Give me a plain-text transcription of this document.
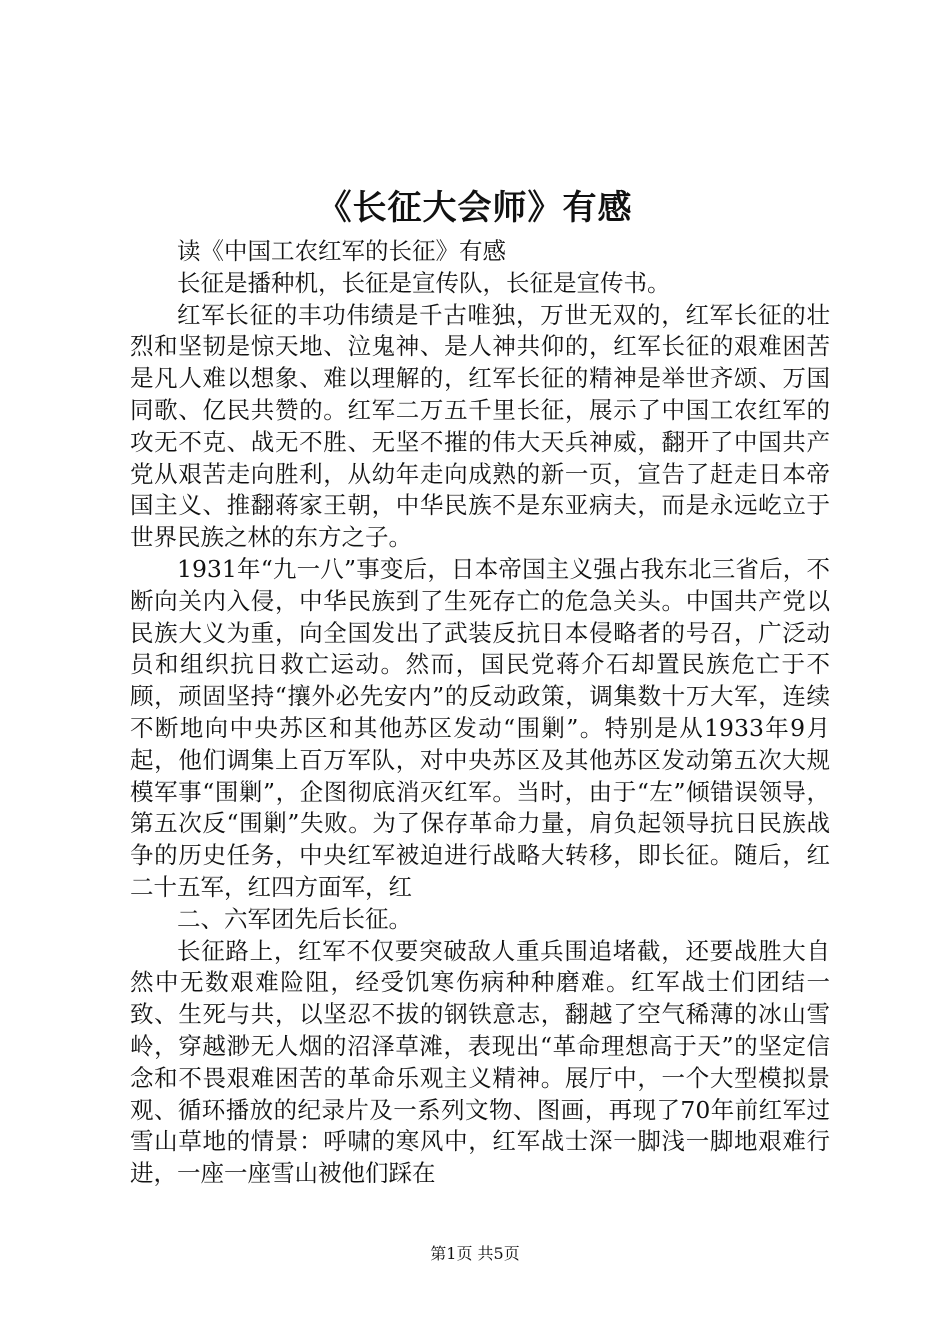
《长征大会师》有感

读《中国工农红军的长征》有感

长征是播种机，长征是宣传队，长征是宣传书。

红军长征的丰功伟绩是千古唯独，万世无双的，红军长征的壮烈和坚韧是惊天地、泣鬼神、是人神共仰的，红军长征的艰难困苦是凡人难以想象、难以理解的，红军长征的精神是举世齐颂、万国同歌、亿民共赞的。红军二万五千里长征，展示了中国工农红军的攻无不克、战无不胜、无坚不摧的伟大天兵神威，翻开了中国共产党从艰苦走向胜利，从幼年走向成熟的新一页，宣告了赶走日本帝国主义、推翻蒋家王朝，中华民族不是东亚病夫，而是永远屹立于世界民族之林的东方之子。

1931年“九一八”事变后，日本帝国主义强占我东北三省后，不断向关内入侵，中华民族到了生死存亡的危急关头。中国共产党以民族大义为重，向全国发出了武装反抗日本侵略者的号召，广泛动员和组织抗日救亡运动。然而，国民党蒋介石却置民族危亡于不顾，顽固坚持“攘外必先安内”的反动政策，调集数十万大军，连续不断地向中央苏区和其他苏区发动“围剿”。特别是从1933年9月起，他们调集上百万军队，对中央苏区及其他苏区发动第五次大规模军事“围剿”，企图彻底消灭红军。当时，由于“左”倾错误领导，第五次反“围剿”失败。为了保存革命力量，肩负起领导抗日民族战争的历史任务，中央红军被迫进行战略大转移，即长征。随后，红二十五军，红四方面军，红

二、六军团先后长征。

长征路上，红军不仅要突破敌人重兵围追堵截，还要战胜大自然中无数艰难险阻，经受饥寒伤病种种磨难。红军战士们团结一致、生死与共，以坚忍不拔的钢铁意志，翻越了空气稀薄的冰山雪岭，穿越渺无人烟的沼泽草滩，表现出“革命理想高于天”的坚定信念和不畏艰难困苦的革命乐观主义精神。展厅中，一个大型模拟景观、循环播放的纪录片及一系列文物、图画，再现了70年前红军过雪山草地的情景：呼啸的寒风中，红军战士深一脚浅一脚地艰难行进，一座一座雪山被他们踩在

第1页 共5页
